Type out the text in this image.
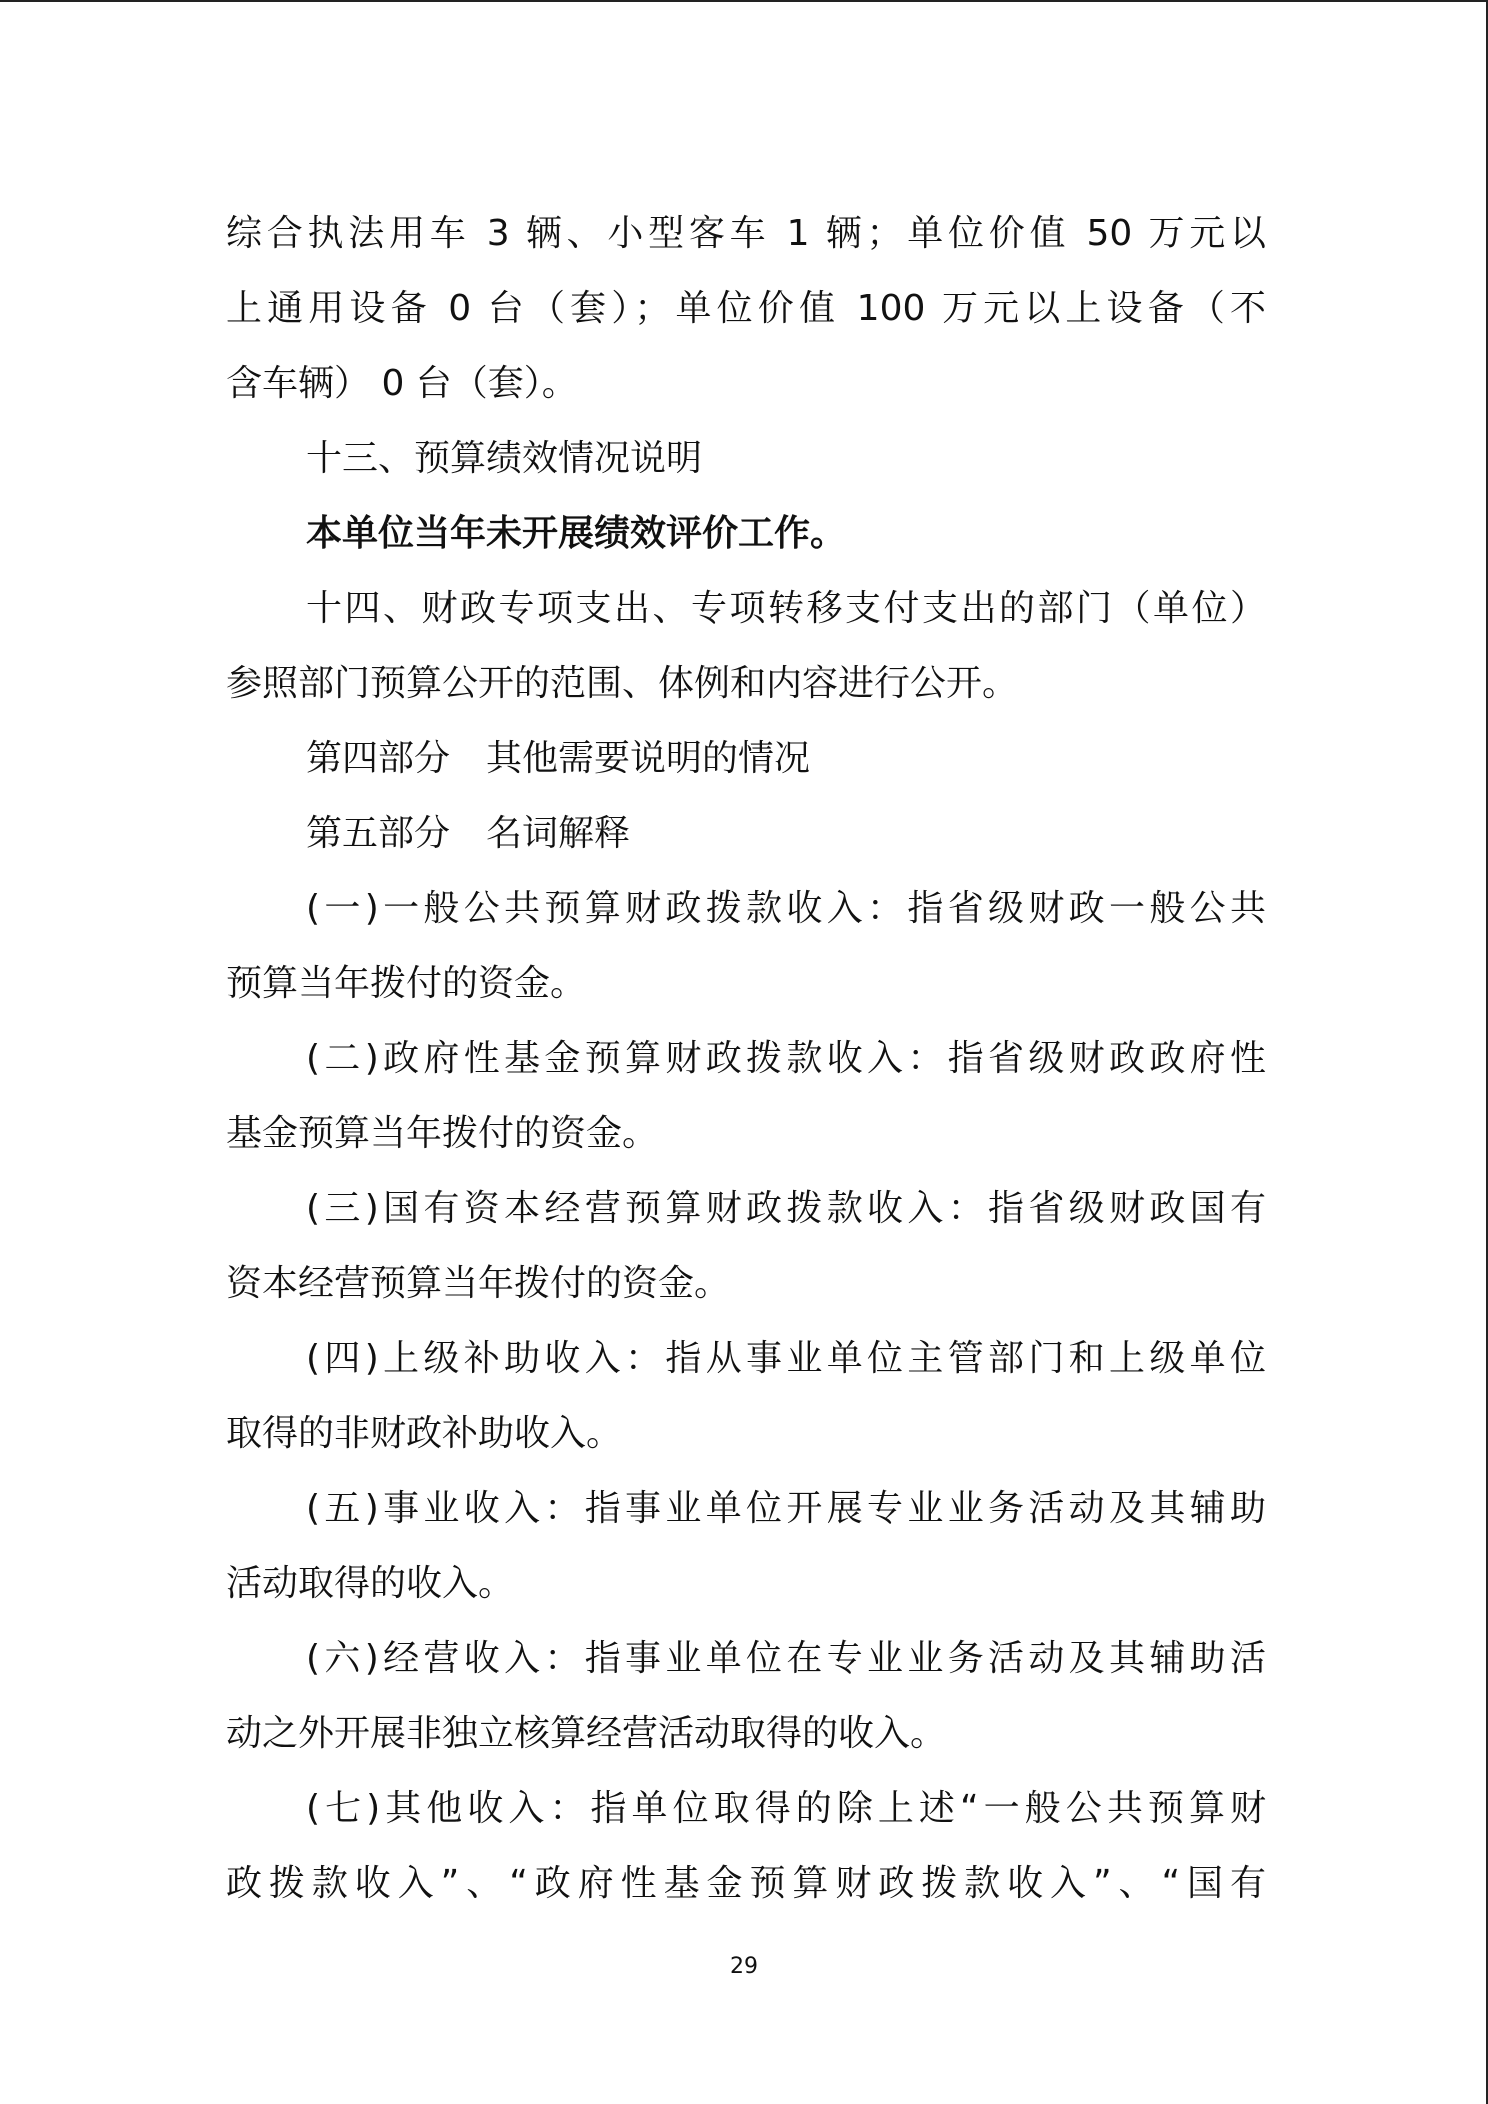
综合执法用车 3 辆、小型客车 1 辆；单位价值 50 万元以
上通用设备 0 台（套）；单位价值 100 万元以上设备（不
含车辆） 0 台（套）。
十三、预算绩效情况说明
本单位当年未开展绩效评价工作。
十四、财政专项支出、专项转移支付支出的部门（单位）
参照部门预算公开的范围、体例和内容进行公开。
第四部分　其他需要说明的情况
第五部分　名词解释
(一)一般公共预算财政拨款收入：指省级财政一般公共
预算当年拨付的资金。
(二)政府性基金预算财政拨款收入：指省级财政政府性
基金预算当年拨付的资金。
(三)国有资本经营预算财政拨款收入：指省级财政国有
资本经营预算当年拨付的资金。
(四)上级补助收入：指从事业单位主管部门和上级单位
取得的非财政补助收入。
(五)事业收入：指事业单位开展专业业务活动及其辅助
活动取得的收入。
(六)经营收入：指事业单位在专业业务活动及其辅助活
动之外开展非独立核算经营活动取得的收入。
(七)其他收入：指单位取得的除上述“一般公共预算财
政拨款收入”、“政府性基金预算财政拨款收入”、“国有
29
